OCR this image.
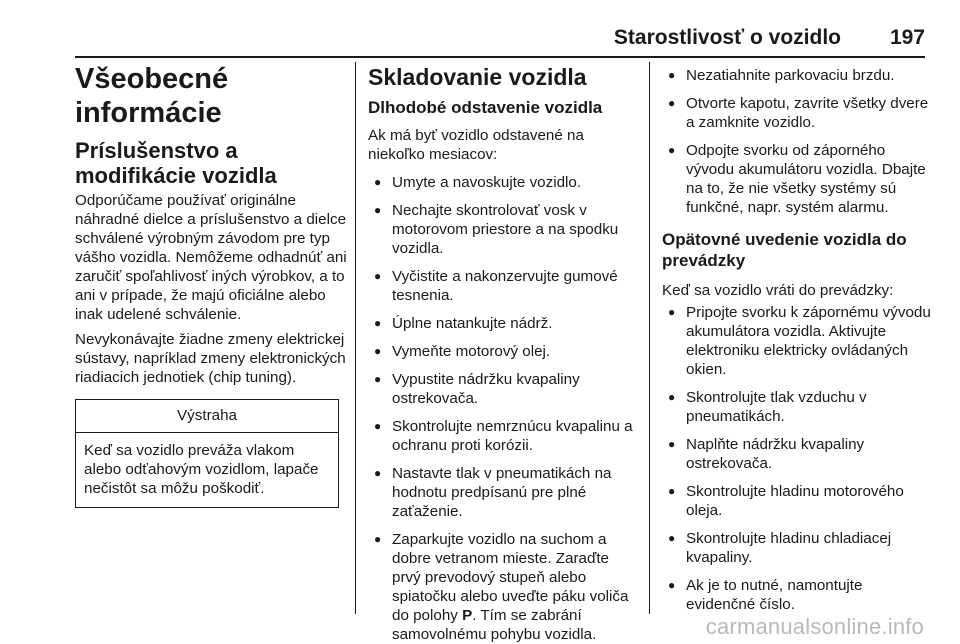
Starostlivosť o vozidlo 197
Všeobecné informácie
Príslušenstvo a modifikácie vozidla

Odporúčame používať originálne náhradné dielce a príslušenstvo a dielce schválené výrobným závodom pre typ vášho vozidla. Nemôžeme odhadnúť ani zaručiť spoľahlivosť iných výrobkov, a to ani v prípade, že majú oficiálne alebo inak udelené schválenie.

Nevykonávajte žiadne zmeny elektrickej sústavy, napríklad zmeny elektronických riadiacich jednotiek (chip tuning).

Výstraha
Keď sa vozidlo preváža vlakom alebo odťahovým vozidlom, lapače nečistôt sa môžu poškodiť.
Skladovanie vozidla
Dlhodobé odstavenie vozidla

Ak má byť vozidlo odstavené na niekoľko mesiacov:

● Umyte a navoskujte vozidlo.
● Nechajte skontrolovať vosk v motorovom priestore a na spodku vozidla.
● Vyčistite a nakonzervujte gumové tesnenia.
● Úplne natankujte nádrž.
● Vymeňte motorový olej.
● Vypustite nádržku kvapaliny ostrekovača.
● Skontrolujte nemrznúcu kvapalinu a ochranu proti korózii.
● Nastavte tlak v pneumatikách na hodnotu predpísanú pre plné zaťaženie.
● Zaparkujte vozidlo na suchom a dobre vetranom mieste. Zaraďte prvý prevodový stupeň alebo spiatočku alebo uveďte páku voliča do polohy P. Tím se zabrání samovolnému pohybu vozidla.
● Nezatiahnite parkovaciu brzdu.
● Otvorte kapotu, zavrite všetky dvere a zamknite vozidlo.
● Odpojte svorku od záporného vývodu akumulátoru vozidla. Dbajte na to, že nie všetky systémy sú funkčné, napr. systém alarmu.
Opätovné uvedenie vozidla do prevádzky

Keď sa vozidlo vráti do prevádzky:

● Pripojte svorku k zápornému vývodu akumulátora vozidla. Aktivujte elektroniku elektricky ovládaných okien.
● Skontrolujte tlak vzduchu v pneumatikách.
● Naplňte nádržku kvapaliny ostrekovača.
● Skontrolujte hladinu motorového oleja.
● Skontrolujte hladinu chladiacej kvapaliny.
● Ak je to nutné, namontujte evidenčné číslo.
carmanualsonline.info
